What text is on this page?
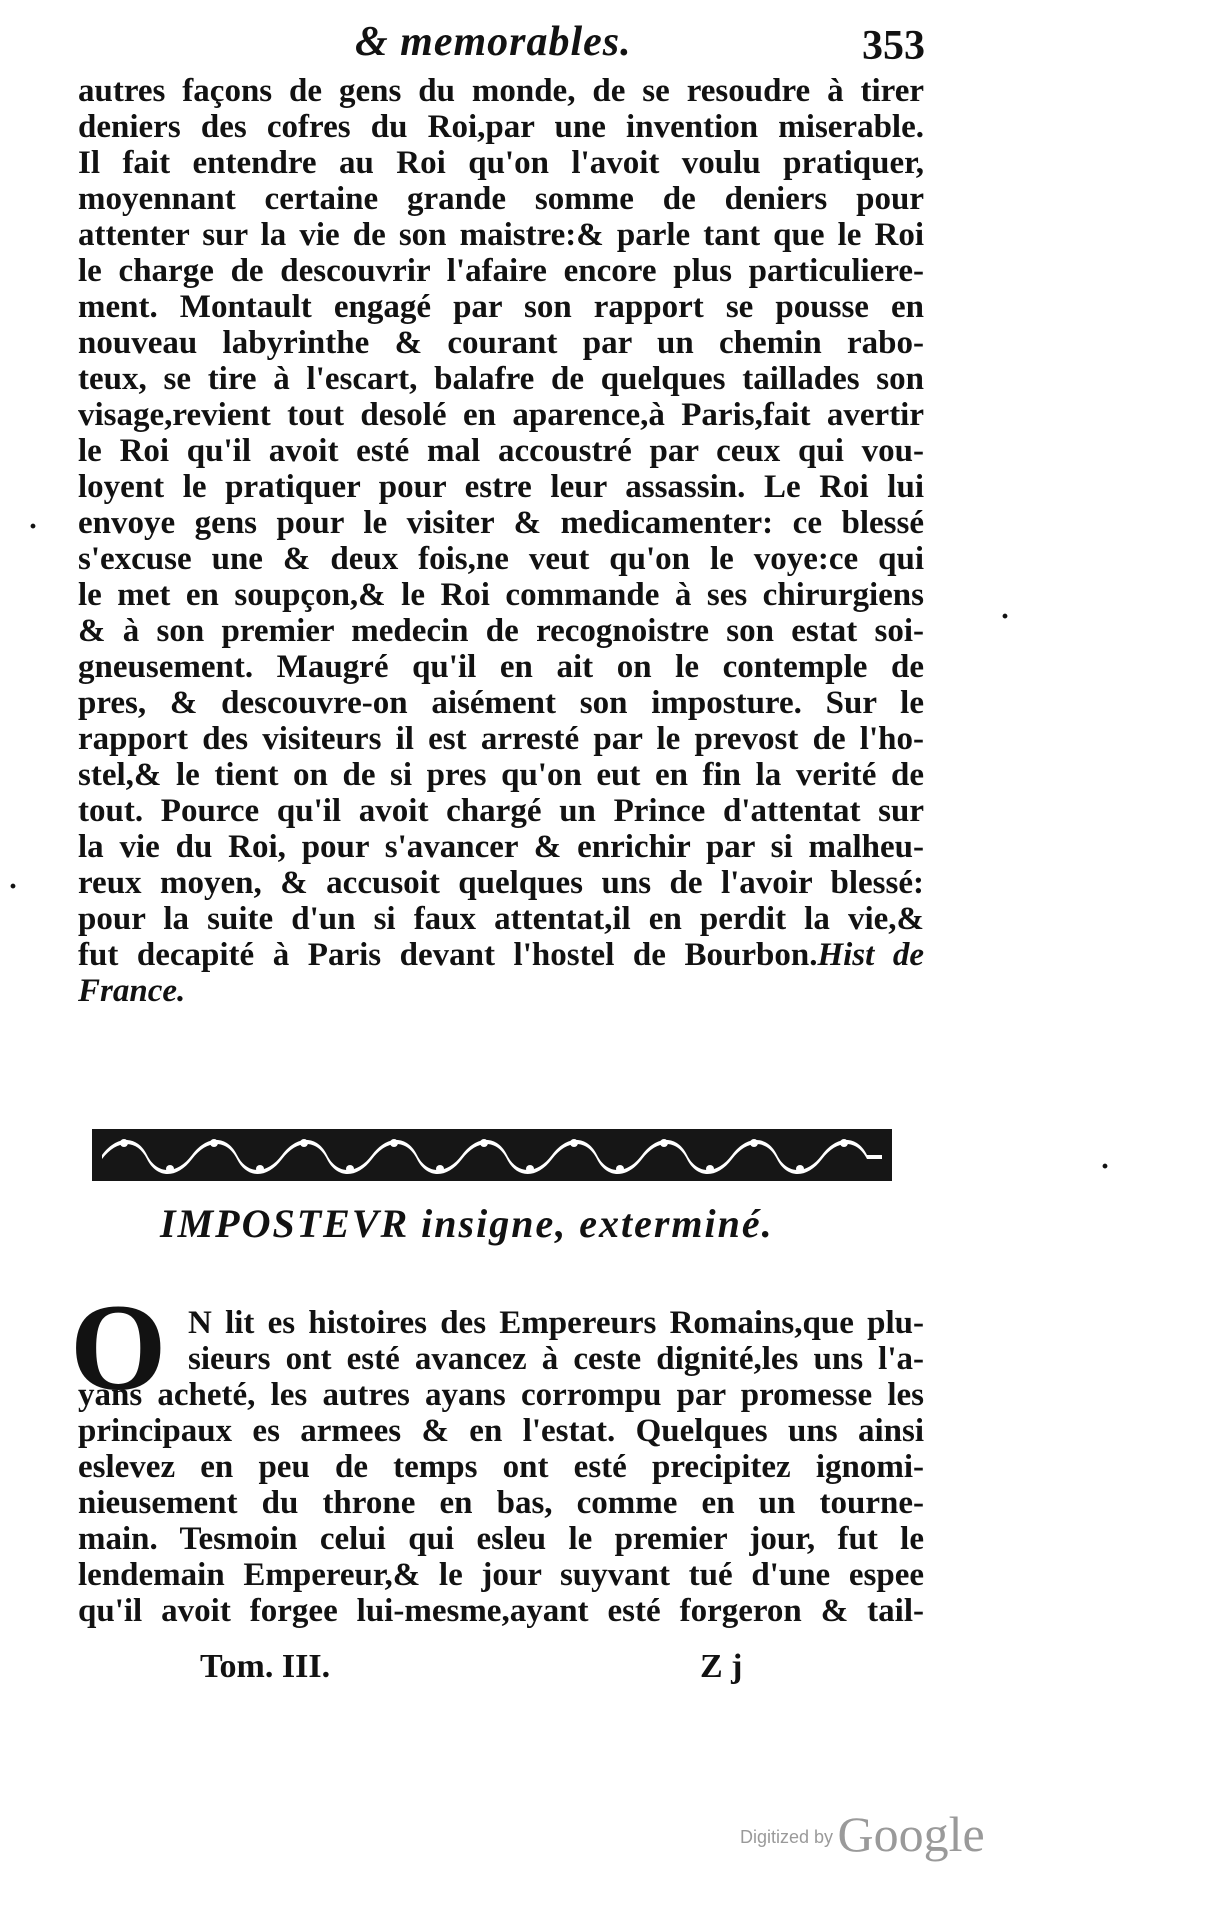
& memorables.	353
autres façons de gens du monde, de se resoudre à tirer
deniers des cofres du Roi,par une invention miserable.
Il fait entendre au Roi qu'on l'avoit voulu pratiquer,
moyennant certaine grande somme de deniers pour
attenter sur la vie de son maistre:& parle tant que le Roi
le charge de descouvrir l'afaire encore plus particuliere-
ment. Montault engagé par son rapport se pousse en
nouveau labyrinthe & courant par un chemin rabo-
teux, se tire à l'escart, balafre de quelques taillades son
visage,revient tout desolé en aparence,à Paris,fait avertir
le Roi qu'il avoit esté mal accoustré par ceux qui vou-
loyent le pratiquer pour estre leur assassin. Le Roi lui
envoye gens pour le visiter & medicamenter: ce blessé
s'excuse une & deux fois,ne veut qu'on le voye:ce qui
le met en soupçon,& le Roi commande à ses chirurgiens
& à son premier medecin de recognoistre son estat soi-
gneusement. Maugré qu'il en ait on le contemple de
pres, & descouvre-on aisément son imposture. Sur le
rapport des visiteurs il est arresté par le prevost de l'ho-
stel,& le tient on de si pres qu'on eut en fin la verité de
tout. Pource qu'il avoit chargé un Prince d'attentat sur
la vie du Roi, pour s'avancer & enrichir par si malheu-
reux moyen, & accusoit quelques uns de l'avoir blessé:
pour la suite d'un si faux attentat,il en perdit la vie,&
fut decapité à Paris devant l'hostel de Bourbon.Hist de
France.
IMPOSTEVR insigne, exterminé.
O N lit es histoires des Empereurs Romains,que plu-
sieurs ont esté avancez à ceste dignité,les uns l'a-
yans acheté, les autres ayans corrompu par promesse les
principaux es armees & en l'estat. Quelques uns ainsi
eslevez en peu de temps ont esté precipitez ignomi-
nieusement du throne en bas, comme en un tourne-
main. Tesmoin celui qui esleu le premier jour, fut le
lendemain Empereur,& le jour suyvant tué d'une espee
qu'il avoit forgee lui-mesme,ayant esté forgeron & tail-
Tom. III.	Z j
·
·
·
·
Digitized by Google
